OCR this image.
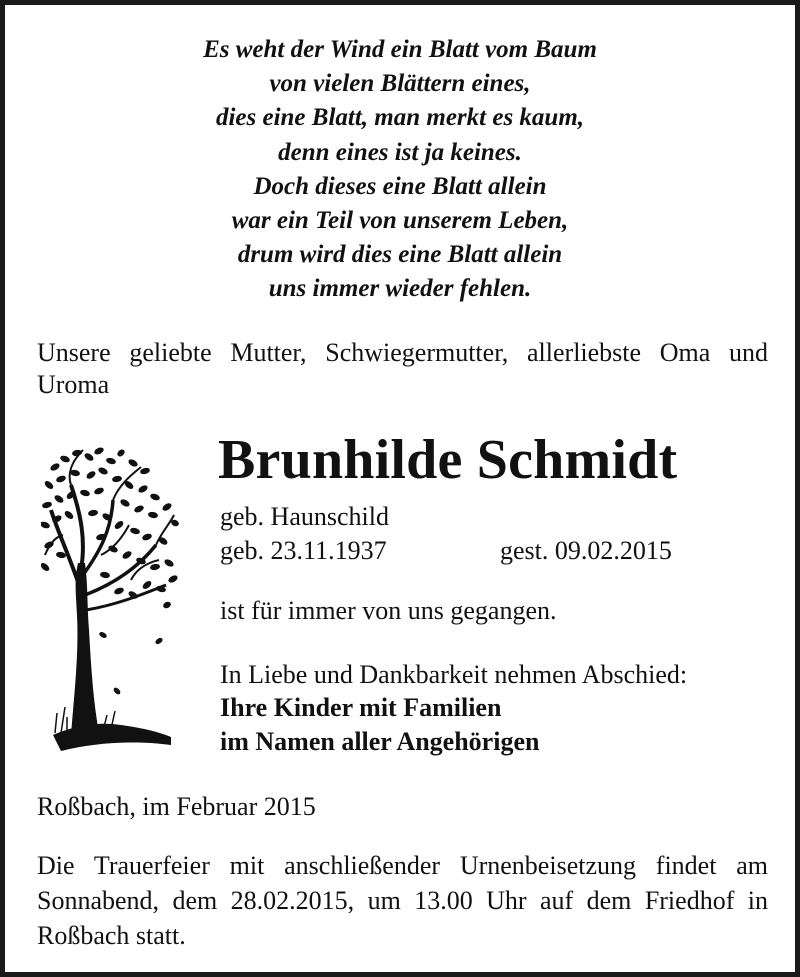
Es weht der Wind ein Blatt vom Baum
von vielen Blättern eines,
dies eine Blatt, man merkt es kaum,
denn eines ist ja keines.
Doch dieses eine Blatt allein
war ein Teil von unserem Leben,
drum wird dies eine Blatt allein
uns immer wieder fehlen.
Unsere geliebte Mutter, Schwiegermutter, allerliebste Oma und Uroma
Brunhilde Schmidt
geb. Haunschild
geb. 23.11.1937	gest. 09.02.2015
ist für immer von uns gegangen.
In Liebe und Dankbarkeit nehmen Abschied:
Ihre Kinder mit Familien
im Namen aller Angehörigen
Roßbach, im Februar 2015
Die Trauerfeier mit anschließender Urnenbeisetzung findet am Sonnabend, dem 28.02.2015, um 13.00 Uhr auf dem Friedhof in Roßbach statt.
